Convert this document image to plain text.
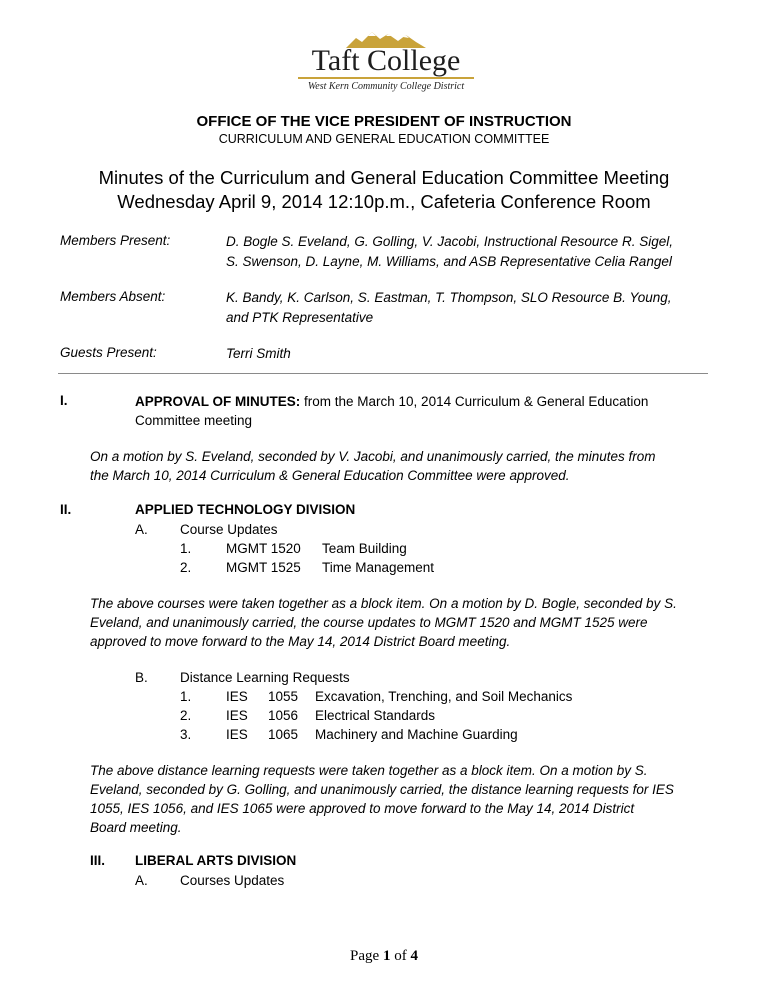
Taft College
West Kern Community College District
OFFICE OF THE VICE PRESIDENT OF INSTRUCTION
CURRICULUM AND GENERAL EDUCATION COMMITTEE
Minutes of the Curriculum and General Education Committee Meeting
Wednesday April 9, 2014 12:10p.m., Cafeteria Conference Room
Members Present:	D. Bogle S. Eveland, G. Golling, V. Jacobi, Instructional Resource R. Sigel,
S. Swenson, D. Layne, M. Williams, and ASB Representative Celia Rangel
Members Absent:	K. Bandy, K. Carlson, S. Eastman, T. Thompson, SLO Resource B. Young,
and PTK Representative
Guests Present:	Terri Smith
I.	APPROVAL OF MINUTES: from the March 10, 2014 Curriculum & General Education
Committee meeting
On a motion by S. Eveland, seconded by V. Jacobi, and unanimously carried, the minutes from
the March 10, 2014 Curriculum & General Education Committee were approved.
II.	APPLIED TECHNOLOGY DIVISION
A. Course Updates
1.	MGMT 1520 Team Building
2.	MGMT 1525 Time Management
The above courses were taken together as a block item. On a motion by D. Bogle, seconded by S.
Eveland, and unanimously carried, the course updates to MGMT 1520 and MGMT 1525 were
approved to move forward to the May 14, 2014 District Board meeting.
B. Distance Learning Requests
1.	IES 1055 Excavation, Trenching, and Soil Mechanics
2.	IES 1056 Electrical Standards
3.	IES 1065 Machinery and Machine Guarding
The above distance learning requests were taken together as a block item. On a motion by S.
Eveland, seconded by G. Golling, and unanimously carried, the distance learning requests for IES
1055, IES 1056, and IES 1065 were approved to move forward to the May 14, 2014 District
Board meeting.
III. LIBERAL ARTS DIVISION
A. Courses Updates
Page 1 of 4
